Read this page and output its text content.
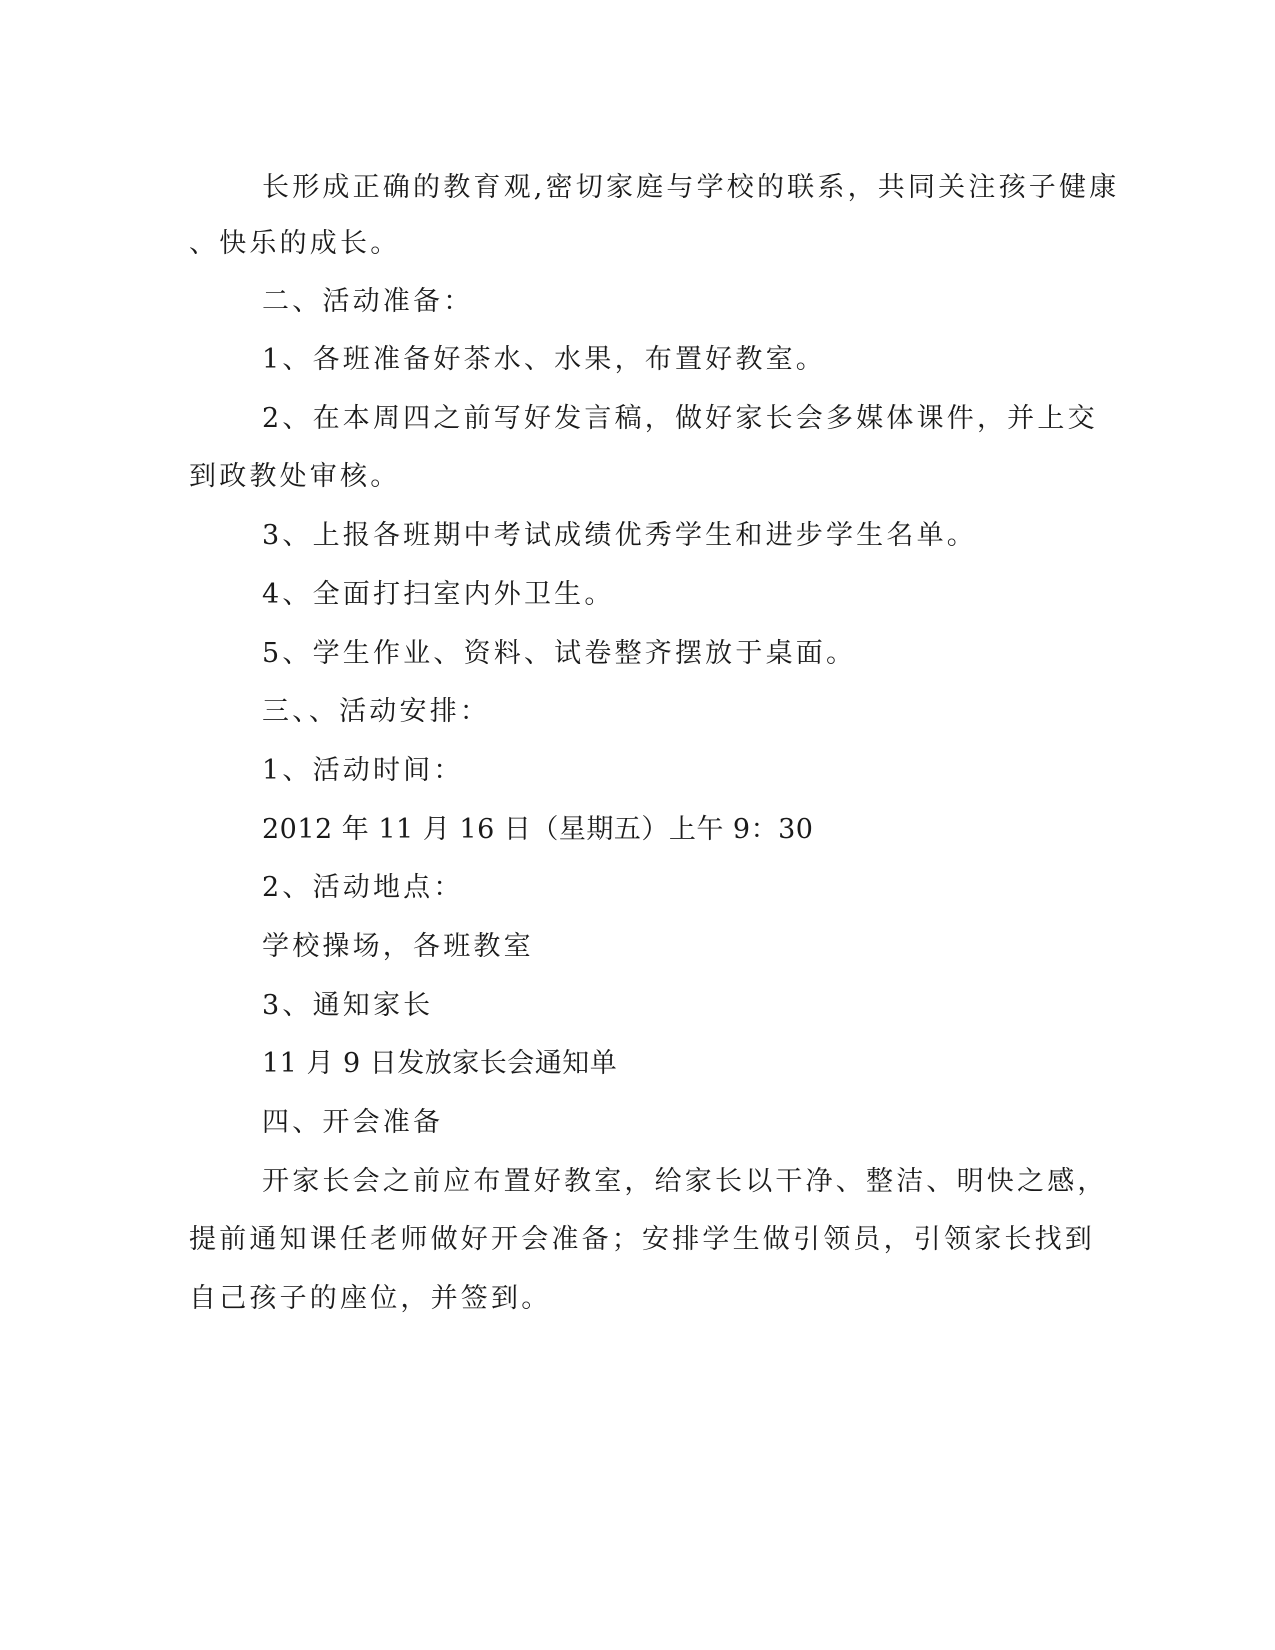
长形成正确的教育观,密切家庭与学校的联系，共同关注孩子健康
、快乐的成长。
二、活动准备：
1、各班准备好茶水、水果，布置好教室。
2、在本周四之前写好发言稿，做好家长会多媒体课件，并上交
到政教处审核。
3、上报各班期中考试成绩优秀学生和进步学生名单。
4、全面打扫室内外卫生。
5、学生作业、资料、试卷整齐摆放于桌面。
三、、活动安排：
1、活动时间：
2012 年 11 月 16 日（星期五）上午 9：30
2、活动地点：
学校操场，各班教室
3、通知家长
11 月 9 日发放家长会通知单
四、开会准备
开家长会之前应布置好教室，给家长以干净、整洁、明快之感，
提前通知课任老师做好开会准备；安排学生做引领员，引领家长找到
自己孩子的座位，并签到。
